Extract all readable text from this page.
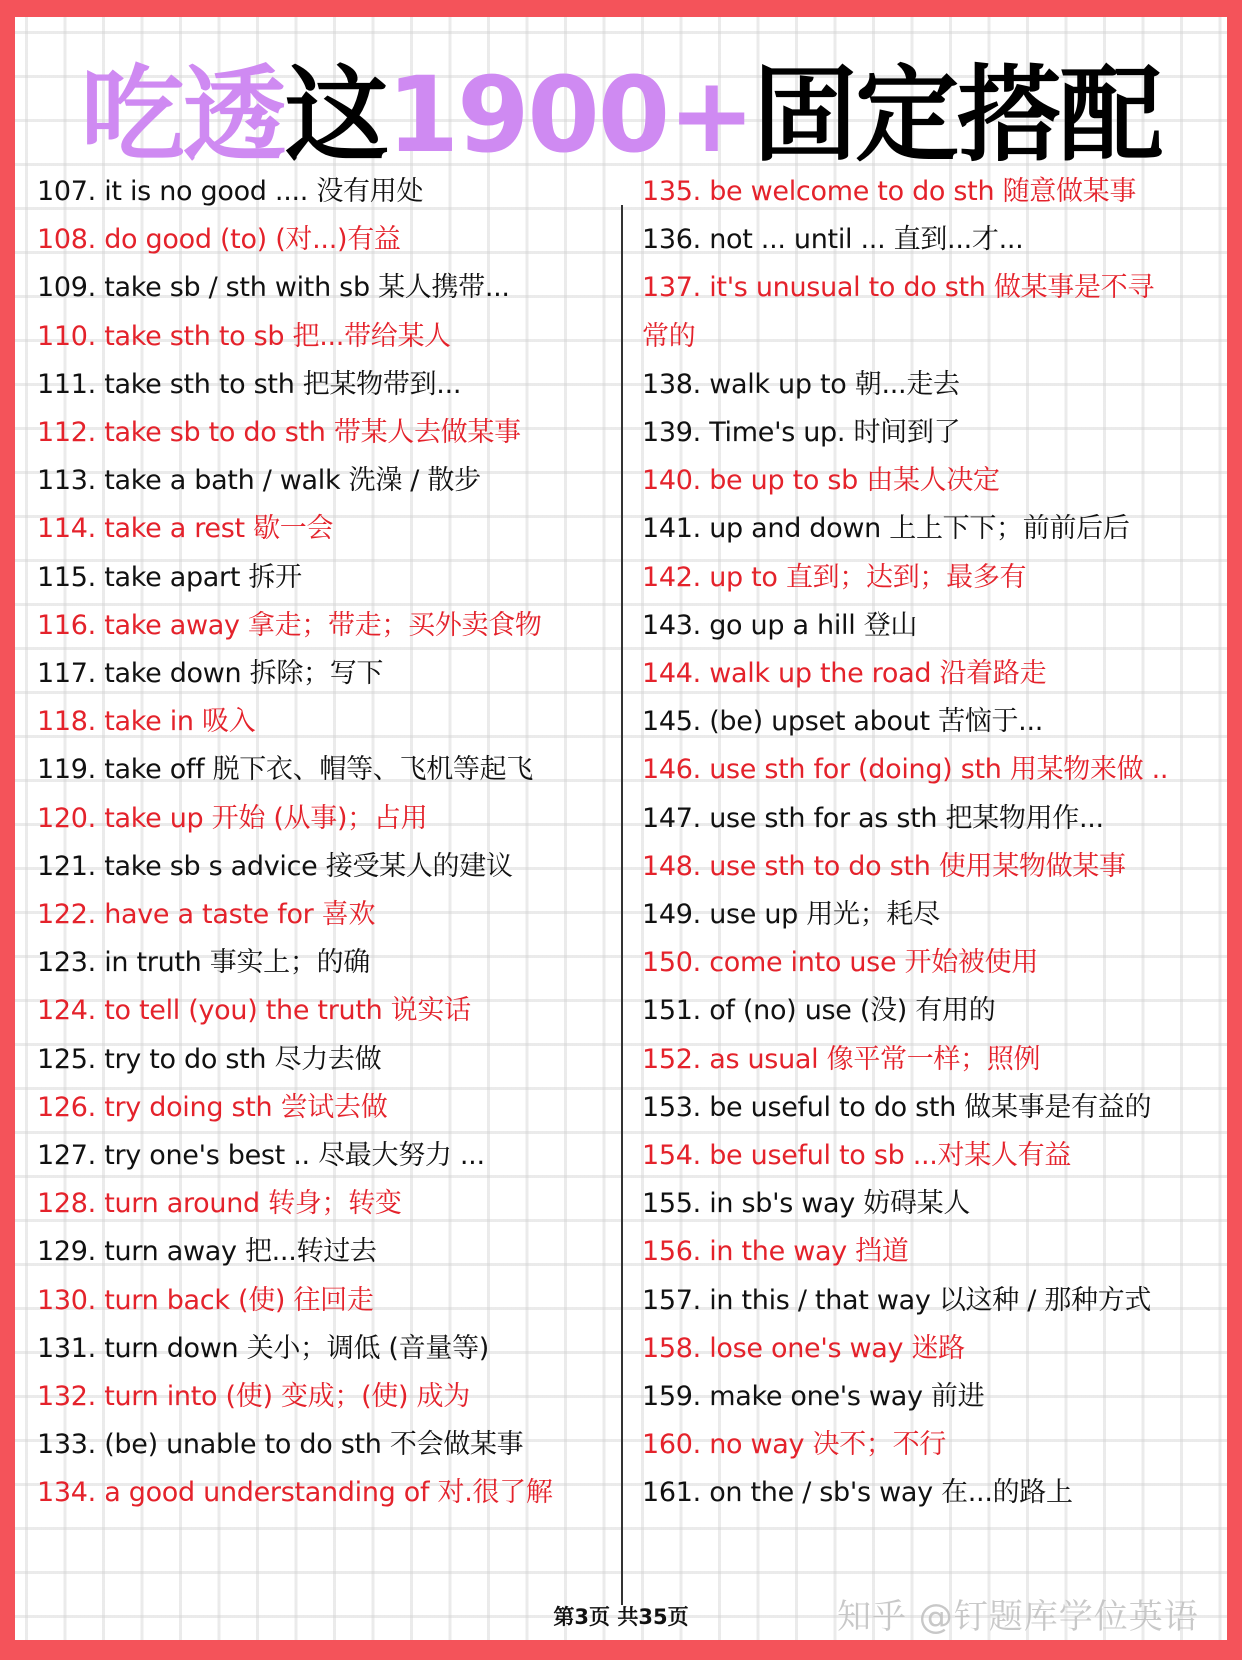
吃透这1900+固定搭配
107. it is no good .... 没有用处
108. do good (to) (对...)有益
109. take sb / sth with sb 某人携带...
110. take sth to sb 把...带给某人
111. take sth to sth 把某物带到...
112. take sb to do sth 带某人去做某事
113. take a bath / walk 洗澡 / 散步
114. take a rest 歇一会
115. take apart 拆开
116. take away 拿走；带走；买外卖食物
117. take down 拆除；写下
118. take in 吸入
119. take off 脱下衣、帽等、飞机等起飞
120. take up 开始 (从事)；占用
121. take sb s advice 接受某人的建议
122. have a taste for 喜欢
123. in truth 事实上；的确
124. to tell (you) the truth 说实话
125. try to do sth 尽力去做
126. try doing sth 尝试去做
127. try one's best .. 尽最大努力 ...
128. turn around 转身；转变
129. turn away 把...转过去
130. turn back (使) 往回走
131. turn down 关小；调低 (音量等)
132. turn into (使) 变成；(使) 成为
133. (be) unable to do sth 不会做某事
134. a good understanding of 对.很了解
135. be welcome to do sth 随意做某事
136. not ... until ... 直到...才...
137. it's unusual to do sth 做某事是不寻
常的
138. walk up to 朝...走去
139. Time's up. 时间到了
140. be up to sb 由某人决定
141. up and down 上上下下；前前后后
142. up to 直到；达到；最多有
143. go up a hill 登山
144. walk up the road 沿着路走
145. (be) upset about 苦恼于...
146. use sth for (doing) sth 用某物来做 ..
147. use sth for as sth 把某物用作...
148. use sth to do sth 使用某物做某事
149. use up 用光；耗尽
150. come into use 开始被使用
151. of (no) use (没) 有用的
152. as usual 像平常一样；照例
153. be useful to do sth 做某事是有益的
154. be useful to sb ...对某人有益
155. in sb's way 妨碍某人
156. in the way 挡道
157. in this / that way 以这种 / 那种方式
158. lose one's way 迷路
159. make one's way 前进
160. no way 决不；不行
161. on the / sb's way 在...的路上
第3页 共35页	知乎 @钉题库学位英语
